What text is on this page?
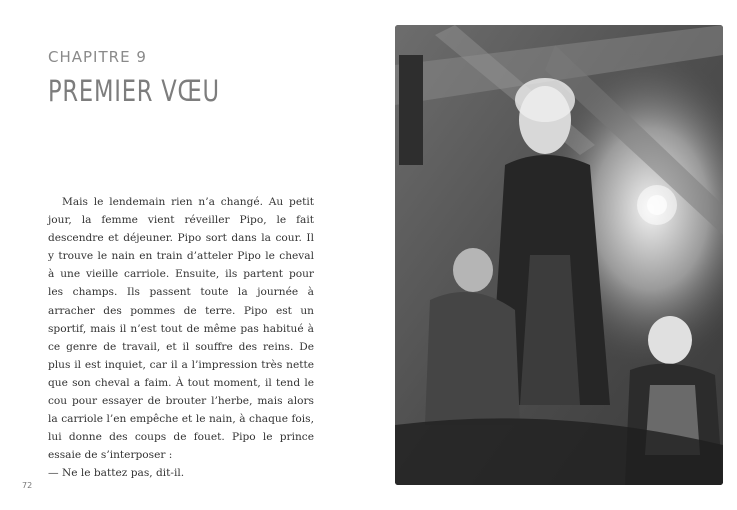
CHAPITRE 9
PREMIER VŒU

Mais le lendemain rien n’a changé. Au petit jour, la femme vient réveiller Pipo, le fait descendre et déjeuner. Pipo sort dans la cour. Il y trouve le nain en train d’atteler Pipo le cheval à une vieille carriole. Ensuite, ils partent pour les champs. Ils passent toute la journée à arracher des pommes de terre. Pipo est un sportif, mais il n’est tout de même pas habitué à ce genre de travail, et il souffre des reins. De plus il est inquiet, car il a l’impression très nette que son cheval a faim. À tout moment, il tend le cou pour essayer de brouter l’herbe, mais alors la carriole l’en empêche et le nain, à chaque fois, lui donne des coups de fouet. Pipo le prince essaie de s’interposer :

— Ne le battez pas, dit-il.

72
